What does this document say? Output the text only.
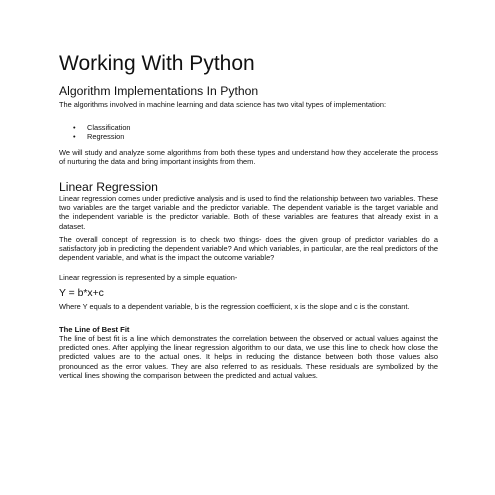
Working With Python
Algorithm Implementations In Python

The algorithms involved in machine learning and data science has two vital types of implementation:

• Classification
• Regression

We will study and analyze some algorithms from both these types and understand how they accelerate the process of nurturing the data and bring important insights from them.

Linear Regression

Linear regression comes under predictive analysis and is used to find the relationship between two variables. These two variables are the target variable and the predictor variable. The dependent variable is the target variable and the independent variable is the predictor variable. Both of these variables are features that already exist in a dataset.

The overall concept of regression is to check two things- does the given group of predictor variables do a satisfactory job in predicting the dependent variable? And which variables, in particular, are the real predictors of the dependent variable, and what is the impact the outcome variable?

Linear regression is represented by a simple equation-

Y = b*x+c

Where Y equals to a dependent variable, b is the regression coefficient, x is the slope and c is the constant.

The Line of Best Fit

The line of best fit is a line which demonstrates the correlation between the observed or actual values against the predicted ones. After applying the linear regression algorithm to our data, we use this line to check how close the predicted values are to the actual ones. It helps in reducing the distance between both those values also pronounced as the error values. They are also referred to as residuals. These residuals are symbolized by the vertical lines showing the comparison between the predicted and actual values.
